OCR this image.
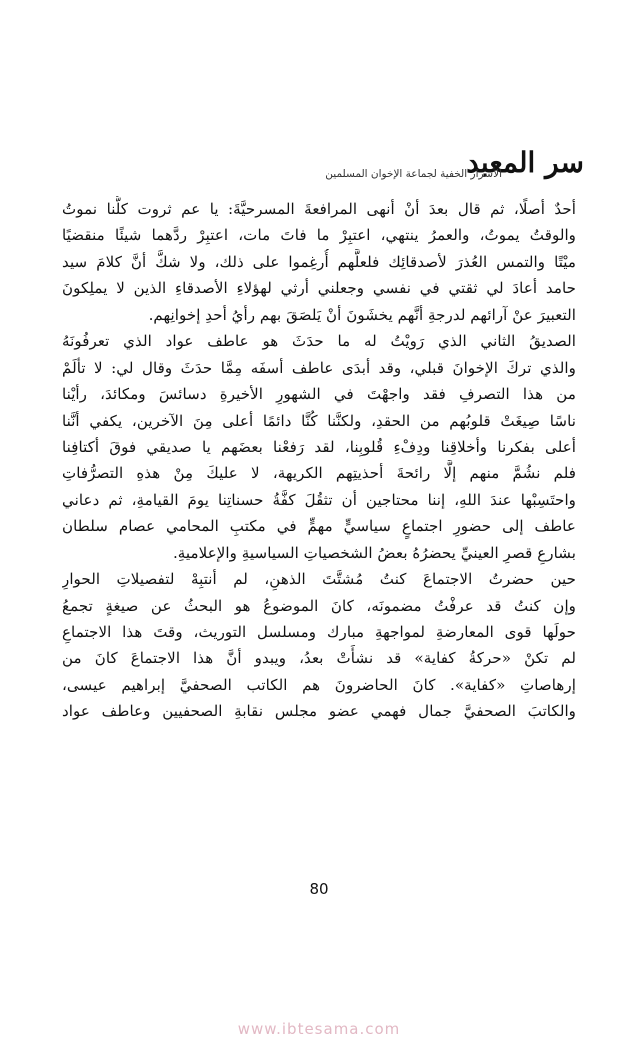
سر المعبد
الأسرار الخفية لجماعة الإخوان المسلمين
أحدٌ أصلًا، ثم قال بعدَ أنْ أنهى المرافعةَ المسرحيَّةَ: يا عم ثروت كلُّنا نموتُ
والوقتُ يموتُ، والعمرُ ينتهي، اعتبِرْ ما فاتَ مات، اعتبِرْ ردَّهما شيئًا منقضيًا
ميْتًا والتمس العُذرَ لأصدقائِك فلعلَّهم أُرغِموا على ذلك، ولا شكَّ أنَّ كلامَ سيد
حامد أعادَ لي ثقتي في نفسي وجعلني أرثي لهؤلاءِ الأصدقاءِ الذين لا يملِكونَ
التعبيرَ عنْ آرائهم لدرجةِ أنَّهم يخشَونَ أنْ يَلصَقَ بهم رأيُ أحدِ إخوانِهم.
الصديقُ الثاني الذي رَويْتُ له ما حدَثَ هو عاطف عواد الذي تعرفُونَهُ
والذي تركَ الإخوانَ قبلي، وقد أبدَى عاطف أسفَه مِمَّا حدَثَ وقال لي: لا تألَمْ
من هذا التصرفِ فقد واجهْتَ في الشهورِ الأخيرةِ دسائسَ ومكائدَ، رأيْنا
ناسًا صِيغَتْ قلوبُهم من الحقدِ، ولكنَّنا كُنَّا دائمًا أعلى مِنَ الآخرين، يكفي أنَّنا
أعلى بفكرنا وأخلاقِنا ودِفْءِ قُلوبِنا، لقد رَفعْنا بعضَهم يا صديقي فوقَ أكتافِنا
فلم نشُمَّ منهم إلَّا رائحةَ أحذيتِهم الكريهة، لا عليكَ مِنْ هذهِ التصرُّفاتِ
واحتَسِبْها عندَ اللهِ، إننا محتاجين أن تثقُلَ كفَّةُ حسناتِنا يومَ القيامةِ، ثم دعاني
عاطف إلى حضورِ اجتماعٍ سياسيٍّ مهمٍّ في مكتبِ المحامي عصام سلطان
بشارعِ قصرِ العينيِّ يحضرُهُ بعضُ الشخصياتِ السياسيةِ والإعلاميةِ.
حين حضرتُ الاجتماعَ كنتُ مُشتَّتَ الذهنِ، لم أنتبِهْ لتفصيلاتِ الحوارِ
وإن كنتُ قد عرفْتُ مضمونَه، كانَ الموضوعُ هو البحثُ عن صيغةٍ تجمعُ
حولَها قوى المعارضةِ لمواجهةِ مبارك ومسلسل التوريث، وقتَ هذا الاجتماعِ
لم تكنْ «حركةُ كفاية» قد نشأَتْ بعدُ، ويبدو أنَّ هذا الاجتماعَ كانَ من
إرهاصاتِ «كفاية». كانَ الحاضرونَ هم الكاتب الصحفيَّ إبراهيم عيسى،
والكاتبَ الصحفيَّ جمال فهمي عضو مجلس نقابةِ الصحفيين وعاطف عواد
80
www.ibtesama.com
